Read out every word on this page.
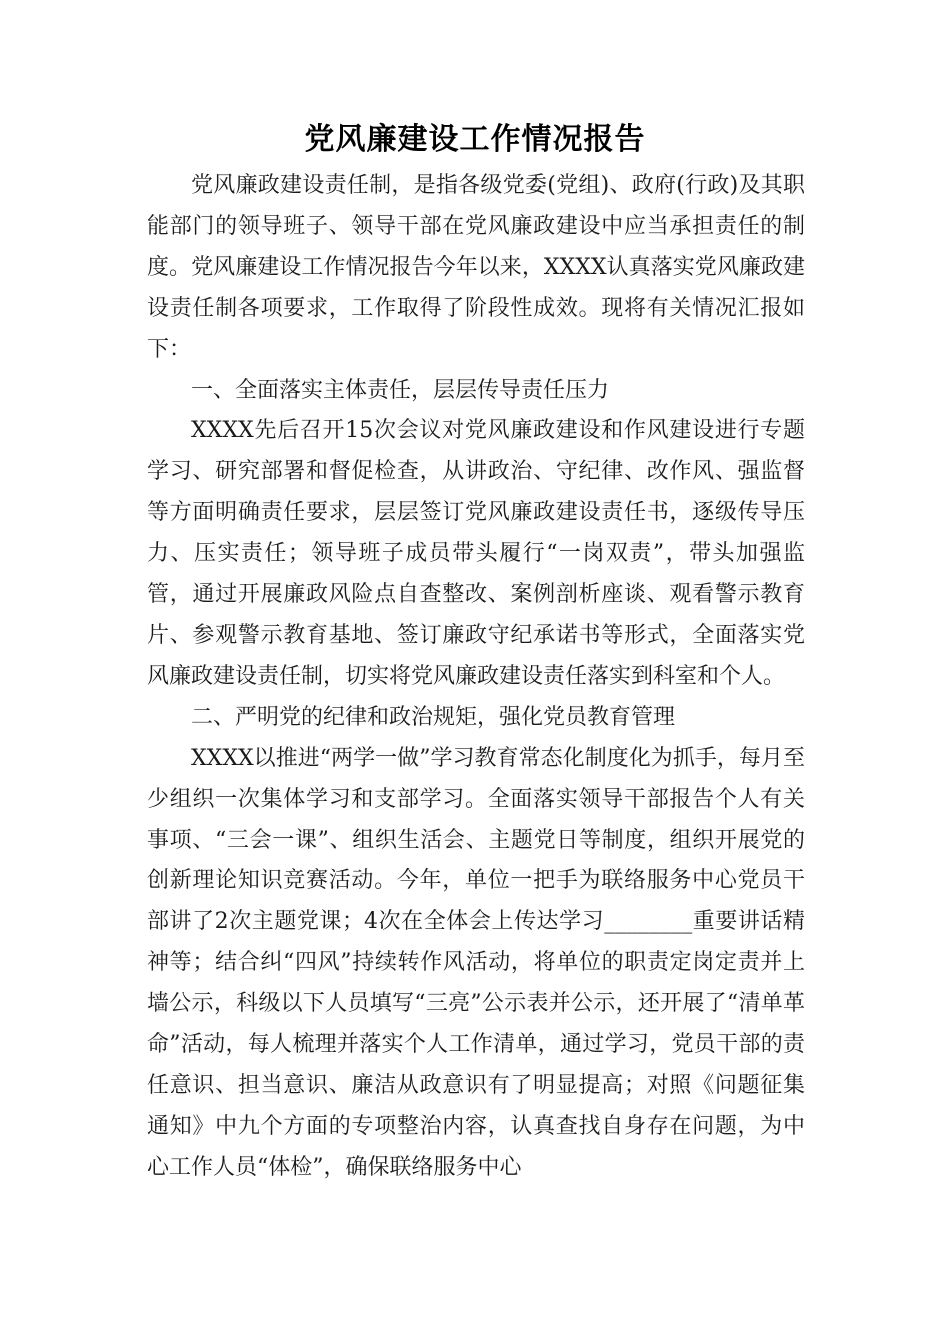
党风廉建设工作情况报告

党风廉政建设责任制，是指各级党委(党组)、政府(行政)及其职能部门的领导班子、领导干部在党风廉政建设中应当承担责任的制度。党风廉建设工作情况报告今年以来，XXXX认真落实党风廉政建设责任制各项要求，工作取得了阶段性成效。现将有关情况汇报如下：

一、全面落实主体责任，层层传导责任压力

XXXX先后召开15次会议对党风廉政建设和作风建设进行专题学习、研究部署和督促检查，从讲政治、守纪律、改作风、强监督等方面明确责任要求，层层签订党风廉政建设责任书，逐级传导压力、压实责任；领导班子成员带头履行“一岗双责”，带头加强监管，通过开展廉政风险点自查整改、案例剖析座谈、观看警示教育片、参观警示教育基地、签订廉政守纪承诺书等形式，全面落实党风廉政建设责任制，切实将党风廉政建设责任落实到科室和个人。

二、严明党的纪律和政治规矩，强化党员教育管理

XXXX以推进“两学一做”学习教育常态化制度化为抓手，每月至少组织一次集体学习和支部学习。全面落实领导干部报告个人有关事项、“三会一课”、组织生活会、主题党日等制度，组织开展党的创新理论知识竞赛活动。今年，单位一把手为联络服务中心党员干部讲了2次主题党课；4次在全体会上传达学习________重要讲话精神等；结合纠“四风”持续转作风活动，将单位的职责定岗定责并上墙公示，科级以下人员填写“三亮”公示表并公示，还开展了“清单革命”活动，每人梳理并落实个人工作清单，通过学习，党员干部的责任意识、担当意识、廉洁从政意识有了明显提高；对照《问题征集通知》中九个方面的专项整治内容，认真查找自身存在问题，为中心工作人员“体检”，确保联络服务中心
